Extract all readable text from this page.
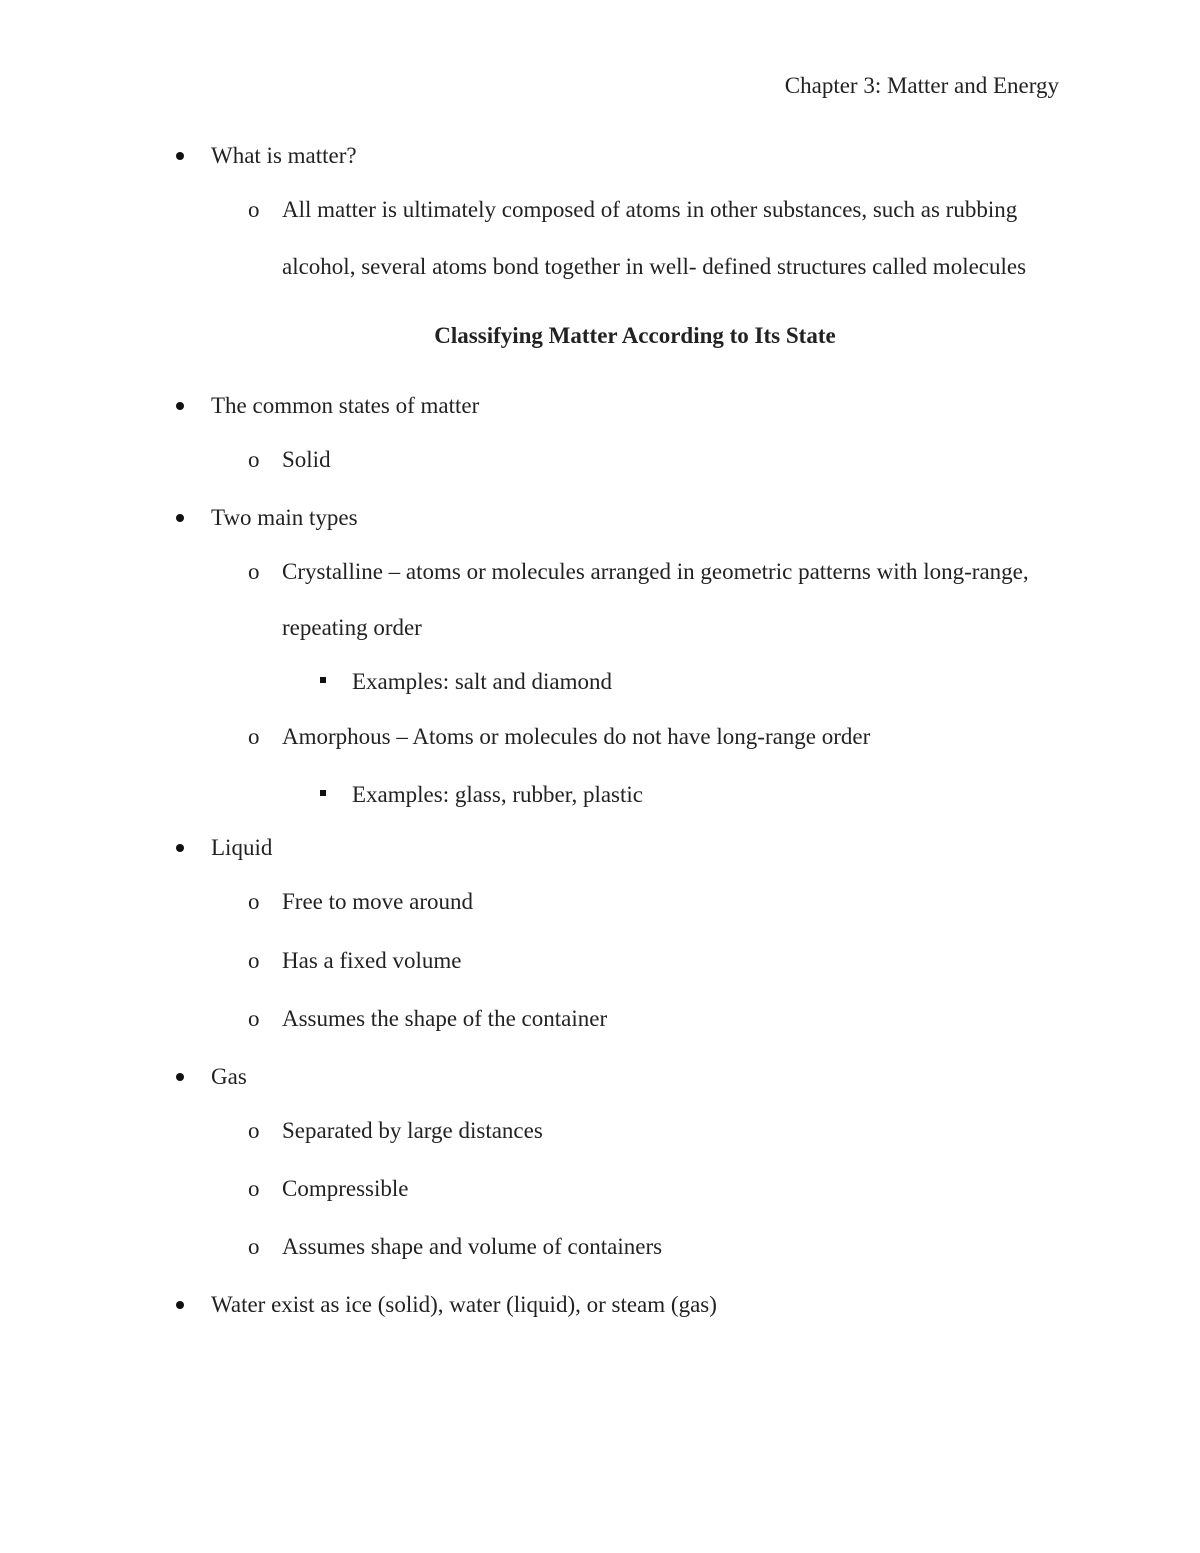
Chapter 3: Matter and Energy
What is matter?
o All matter is ultimately composed of atoms in other substances, such as rubbing
alcohol, several atoms bond together in well- defined structures called molecules
Classifying Matter According to Its State
The common states of matter
o Solid
Two main types
o Crystalline – atoms or molecules arranged in geometric patterns with long-range,
repeating order
Examples: salt and diamond
o Amorphous – Atoms or molecules do not have long-range order
Examples: glass, rubber, plastic
Liquid
o Free to move around
o Has a fixed volume
o Assumes the shape of the container
Gas
o Separated by large distances
o Compressible
o Assumes shape and volume of containers
Water exist as ice (solid), water (liquid), or steam (gas)
